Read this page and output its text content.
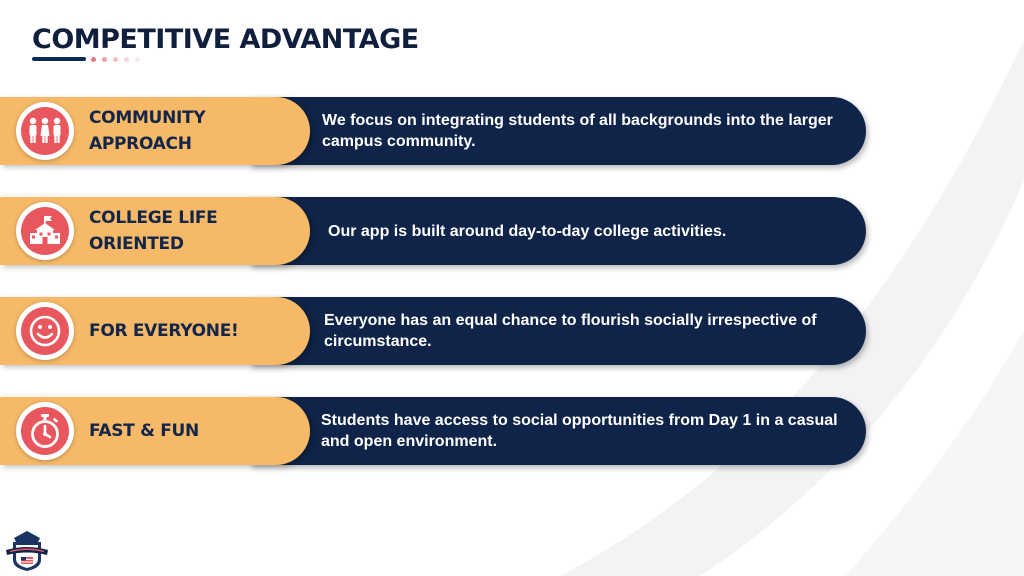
COMPETITIVE ADVANTAGE
COMMUNITY APPROACH
We focus on integrating students of all backgrounds into the larger campus community.
COLLEGE LIFE ORIENTED
Our app is built around day-to-day college activities.
FOR EVERYONE!
Everyone has an equal chance to flourish socially irrespective of circumstance.
FAST & FUN
Students have access to social opportunities from Day 1 in a casual and open environment.
